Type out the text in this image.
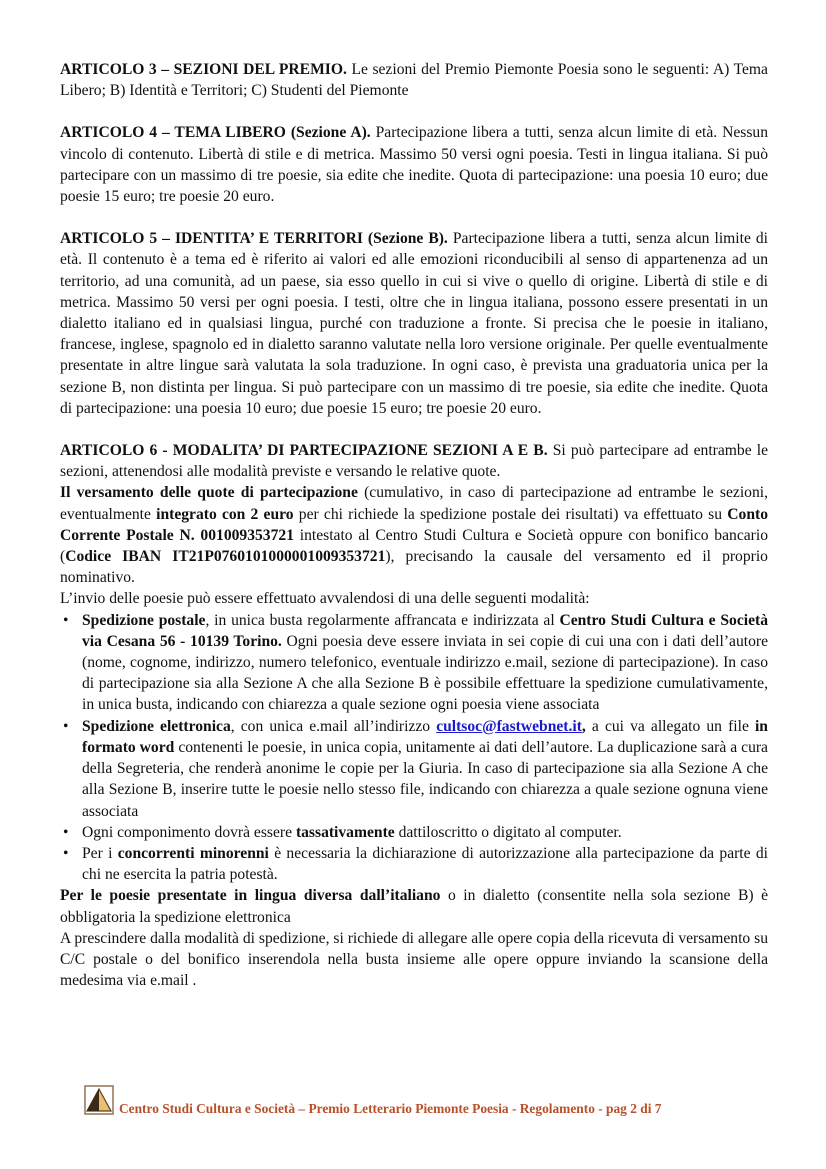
ARTICOLO 3 – SEZIONI DEL PREMIO. Le sezioni del Premio Piemonte Poesia sono le seguenti: A) Tema Libero; B) Identità e Territori; C) Studenti del Piemonte

ARTICOLO 4 – TEMA LIBERO (Sezione A). Partecipazione libera a tutti, senza alcun limite di età. Nessun vincolo di contenuto. Libertà di stile e di metrica. Massimo 50 versi ogni poesia. Testi in lingua italiana. Si può partecipare con un massimo di tre poesie, sia edite che inedite. Quota di partecipazione: una poesia 10 euro; due poesie 15 euro; tre poesie 20 euro.

ARTICOLO 5 – IDENTITA’ E TERRITORI (Sezione B). Partecipazione libera a tutti, senza alcun limite di età. Il contenuto è a tema ed è riferito ai valori ed alle emozioni riconducibili al senso di appartenenza ad un territorio, ad una comunità, ad un paese, sia esso quello in cui si vive o quello di origine. Libertà di stile e di metrica. Massimo 50 versi per ogni poesia. I testi, oltre che in lingua italiana, possono essere presentati in un dialetto italiano ed in qualsiasi lingua, purché con traduzione a fronte. Si precisa che le poesie in italiano, francese, inglese, spagnolo ed in dialetto saranno valutate nella loro versione originale. Per quelle eventualmente presentate in altre lingue sarà valutata la sola traduzione. In ogni caso, è prevista una graduatoria unica per la sezione B, non distinta per lingua. Si può partecipare con un massimo di tre poesie, sia edite che inedite. Quota di partecipazione: una poesia 10 euro; due poesie 15 euro; tre poesie 20 euro.

ARTICOLO 6 - MODALITA’ DI PARTECIPAZIONE SEZIONI A E B. Si può partecipare ad entrambe le sezioni, attenendosi alle modalità previste e versando le relative quote.

Il versamento delle quote di partecipazione (cumulativo, in caso di partecipazione ad entrambe le sezioni, eventualmente integrato con 2 euro per chi richiede la spedizione postale dei risultati) va effettuato su Conto Corrente Postale N. 001009353721 intestato al Centro Studi Cultura e Società oppure con bonifico bancario (Codice IBAN IT21P0760101000001009353721), precisando la causale del versamento ed il proprio nominativo.

L’invio delle poesie può essere effettuato avvalendosi di una delle seguenti modalità:

• Spedizione postale, in unica busta regolarmente affrancata e indirizzata al Centro Studi Cultura e Società via Cesana 56 - 10139 Torino. Ogni poesia deve essere inviata in sei copie di cui una con i dati dell’autore (nome, cognome, indirizzo, numero telefonico, eventuale indirizzo e.mail, sezione di partecipazione). In caso di partecipazione sia alla Sezione A che alla Sezione B è possibile effettuare la spedizione cumulativamente, in unica busta, indicando con chiarezza a quale sezione ogni poesia viene associata
• Spedizione elettronica, con unica e.mail all’indirizzo cultsoc@fastwebnet.it, a cui va allegato un file in formato word contenenti le poesie, in unica copia, unitamente ai dati dell’autore. La duplicazione sarà a cura della Segreteria, che renderà anonime le copie per la Giuria. In caso di partecipazione sia alla Sezione A che alla Sezione B, inserire tutte le poesie nello stesso file, indicando con chiarezza a quale sezione ognuna viene associata
• Ogni componimento dovrà essere tassativamente dattiloscritto o digitato al computer.
• Per i concorrenti minorenni è necessaria la dichiarazione di autorizzazione alla partecipazione da parte di chi ne esercita la patria potestà.

Per le poesie presentate in lingua diversa dall’italiano o in dialetto (consentite nella sola sezione B) è obbligatoria la spedizione elettronica

A prescindere dalla modalità di spedizione, si richiede di allegare alle opere copia della ricevuta di versamento su C/C postale o del bonifico inserendola nella busta insieme alle opere oppure inviando la scansione della medesima via e.mail .

Centro Studi Cultura e Società – Premio Letterario Piemonte Poesia - Regolamento - pag 2 di 7
